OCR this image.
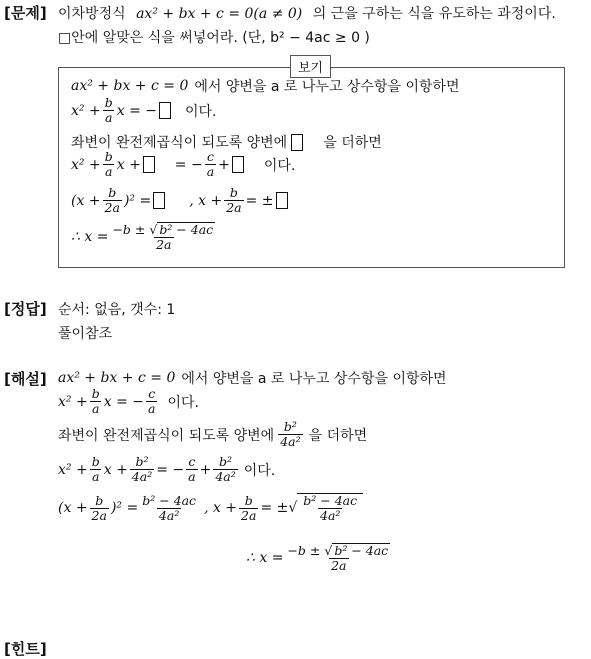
[문제] 이차방정식 ax² + bx + c = 0(a ≠ 0) 의 근을 구하는 식을 유도하는 과정이다.
□안에 알맞은 식을 써넣어라. (단, b² − 4ac ≥ 0 )
ax² + bx + c = 0 에서 양변을 a 로 나누고 상수항을 이항하면
$x^2 + \frac{b}{a}$ x = − 이다.
좌변이 완전제곱식이 되도록 양변에	을 더하면
$x^2 + \frac{b}{a}$ x + = − $\frac{c}{a}$ + 이다.
$(x + \frac{b}{2a} )^2$ =	, $x + \frac{b}{2a}$ = ±
∴ $x = \frac{\text{−b ± √ b² − 4ac}}{2a}$
보기
[정답] 순서: 없음, 갯수: 1
풀이참조
[해설] ax² + bx + c = 0 에서 양변을 a 로 나누고 상수항을 이항하면
$x^2 + \frac{b}{a}$ x = − $\frac{c}{a}$ 이다.
좌변이 완전제곱식이 되도록 양변에 $\frac{\text{b²}}{\text{4a²}}$ 을 더하면
$x^2 + \frac{b}{a}$ $x + \frac{\text{b²}}{\text{4a²}}$ = − $\frac{c}{a} + \frac{\text{b²}}{\text{4a²}}$ 이다.
$(x + \frac{b}{2a} )^2 = \frac{\text{b² − 4ac}}{\text{4a²}}$ , $x + \frac{b}{2a}$ = ±√ $\frac{\text{b² − 4ac}}{\text{4a²}}$
∴ $x = \frac{\text{−b ± √ b² − 4ac}}{2a}$
[힌트]
